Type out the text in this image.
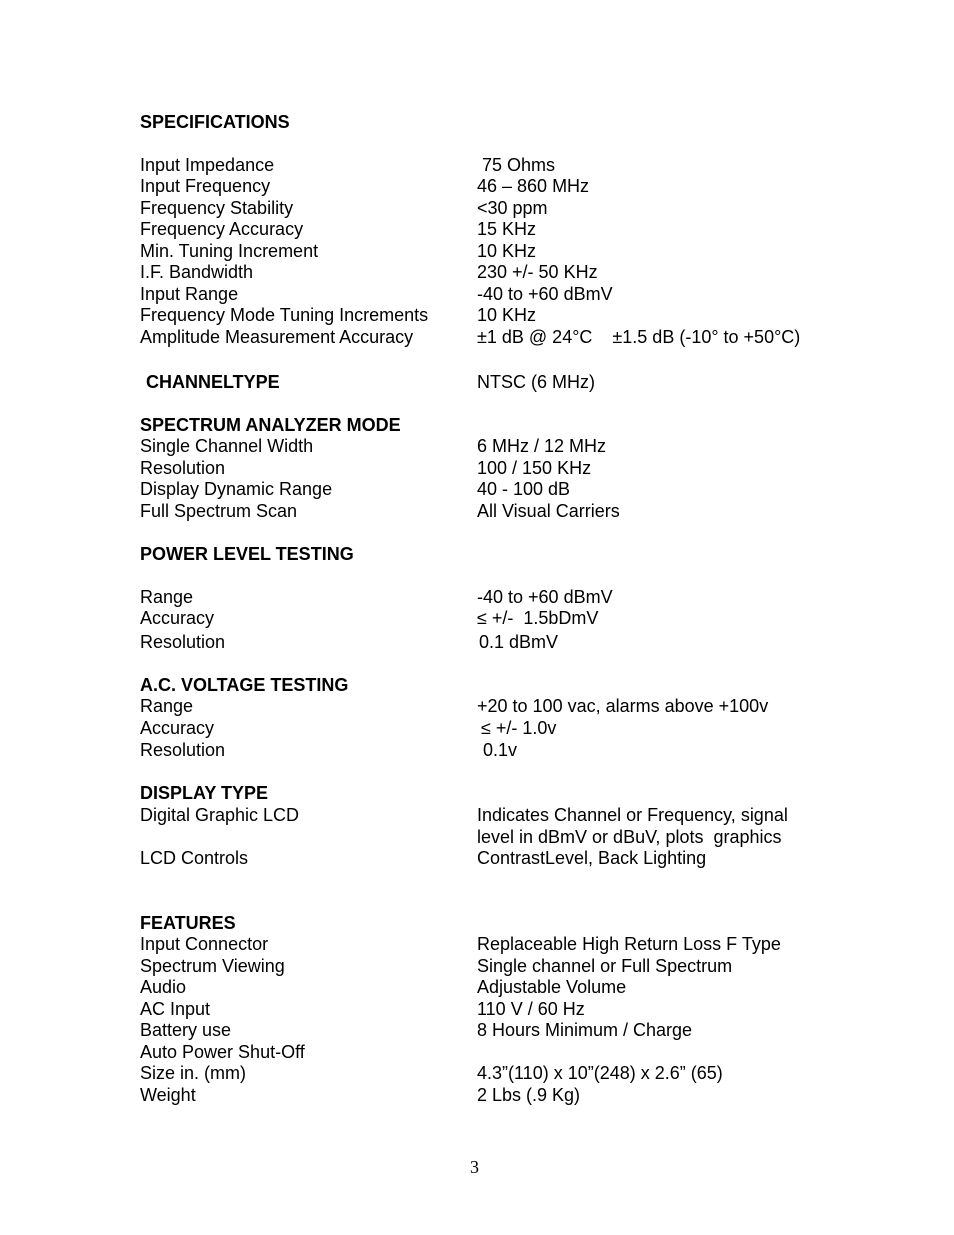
SPECIFICATIONS
Input Impedance	75 Ohms
Input Frequency	46 – 860 MHz
Frequency Stability	<30 ppm
Frequency Accuracy	15 KHz
Min. Tuning Increment	10 KHz
I.F. Bandwidth	230 +/- 50 KHz
Input Range	-40 to +60 dBmV
Frequency Mode Tuning Increments	10 KHz
Amplitude Measurement Accuracy	±1 dB @ 24°C    ±1.5 dB (-10° to +50°C)
CHANNELTYPE	NTSC (6 MHz)
SPECTRUM ANALYZER MODE
Single Channel Width	6 MHz / 12 MHz
Resolution	100 / 150 KHz
Display Dynamic Range	40 - 100 dB
Full Spectrum Scan	All Visual Carriers
POWER LEVEL TESTING
Range	-40 to +60 dBmV
Accuracy	≤ +/-  1.5bDmV
Resolution	0.1 dBmV
A.C. VOLTAGE TESTING
Range	+20 to 100 vac, alarms above +100v
Accuracy	≤ +/- 1.0v
Resolution	0.1v
DISPLAY TYPE
Digital Graphic LCD	Indicates Channel or Frequency, signal
level in dBmV or dBuV, plots  graphics
LCD Controls	ContrastLevel, Back Lighting
FEATURES
Input Connector	Replaceable High Return Loss F Type
Spectrum Viewing	Single channel or Full Spectrum
Audio	Adjustable Volume
AC Input	110 V / 60 Hz
Battery use	8 Hours Minimum / Charge
Auto Power Shut-Off
Size in. (mm)	4.3”(110) x 10”(248) x 2.6” (65)
Weight	2 Lbs (.9 Kg)
3
